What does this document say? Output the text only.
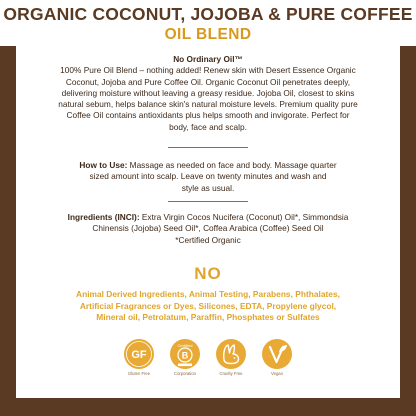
ORGANIC COCONUT, JOJOBA & PURE COFFEE
OIL BLEND
No Ordinary Oil™
100% Pure Oil Blend – nothing added! Renew skin with Desert Essence Organic
Coconut, Jojoba and Pure Coffee Oil. Organic Coconut Oil penetrates deeply,
delivering moisture without leaving a greasy residue. Jojoba Oil, closest to skins
natural sebum, helps balance skin's natural moisture levels. Premium quality pure
Coffee Oil contains antioxidants plus helps smooth and invigorate. Perfect for
body, face and scalp.
How to Use: Massage as needed on face and body. Massage quarter
sized amount into scalp. Leave on twenty minutes and wash and
style as usual.
Ingredients (INCI): Extra Virgin Cocos Nucifera (Coconut) Oil*, Simmondsia
Chinensis (Jojoba) Seed Oil*, Coffea Arabica (Coffee) Seed Oil
*Certified Organic
NO
Animal Derived Ingredients, Animal Testing, Parabens, Phthalates,
Artificial Fragrances or Dyes, Silicones, EDTA, Propylene glycol,
Mineral oil, Petrolatum, Paraffin, Phosphates or Sulfates
GF
Gluten Free
Certified
B
Corporation	Cruelty Free	Vegan
